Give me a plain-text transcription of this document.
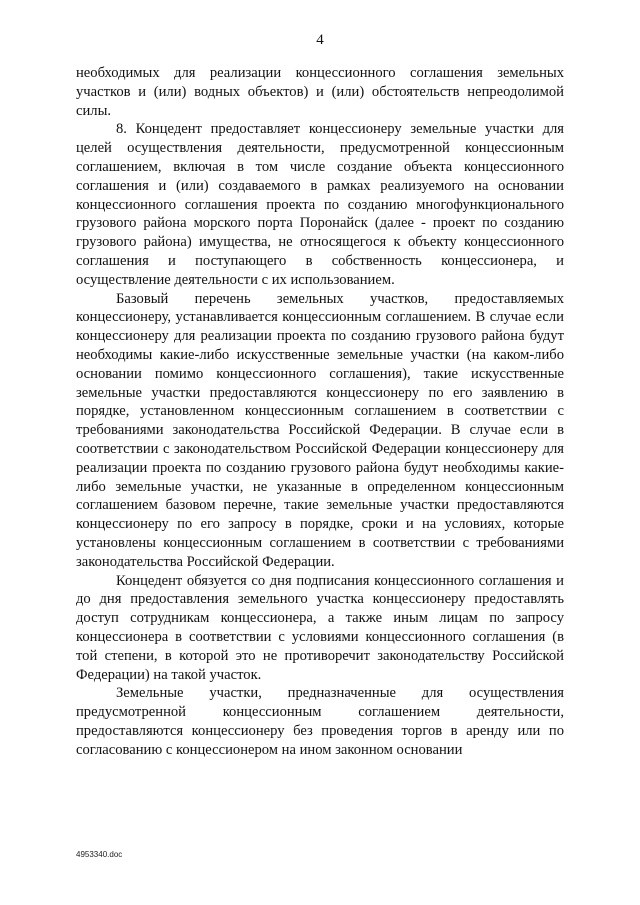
4

необходимых для реализации концессионного соглашения земельных участков и (или) водных объектов) и (или) обстоятельств непреодолимой силы.

8. Концедент предоставляет концессионеру земельные участки для целей осуществления деятельности, предусмотренной концессионным соглашением, включая в том числе создание объекта концессионного соглашения и (или) создаваемого в рамках реализуемого на основании концессионного соглашения проекта по созданию многофункционального грузового района морского порта Поронайск (далее - проект по созданию грузового района) имущества, не относящегося к объекту концессионного соглашения и поступающего в собственность концессионера, и осуществление деятельности с их использованием.

Базовый перечень земельных участков, предоставляемых концессионеру, устанавливается концессионным соглашением. В случае если концессионеру для реализации проекта по созданию грузового района будут необходимы какие-либо искусственные земельные участки (на каком-либо основании помимо концессионного соглашения), такие искусственные земельные участки предоставляются концессионеру по его заявлению в порядке, установленном концессионным соглашением в соответствии с требованиями законодательства Российской Федерации. В случае если в соответствии с законодательством Российской Федерации концессионеру для реализации проекта по созданию грузового района будут необходимы какие-либо земельные участки, не указанные в определенном концессионным соглашением базовом перечне, такие земельные участки предоставляются концессионеру по его запросу в порядке, сроки и на условиях, которые установлены концессионным соглашением в соответствии с требованиями законодательства Российской Федерации.

Концедент обязуется со дня подписания концессионного соглашения и до дня предоставления земельного участка концессионеру предоставлять доступ сотрудникам концессионера, а также иным лицам по запросу концессионера в соответствии с условиями концессионного соглашения (в той степени, в которой это не противоречит законодательству Российской Федерации) на такой участок.

Земельные участки, предназначенные для осуществления предусмотренной концессионным соглашением деятельности, предоставляются концессионеру без проведения торгов в аренду или по согласованию с концессионером на ином законном основании

4953340.doc
